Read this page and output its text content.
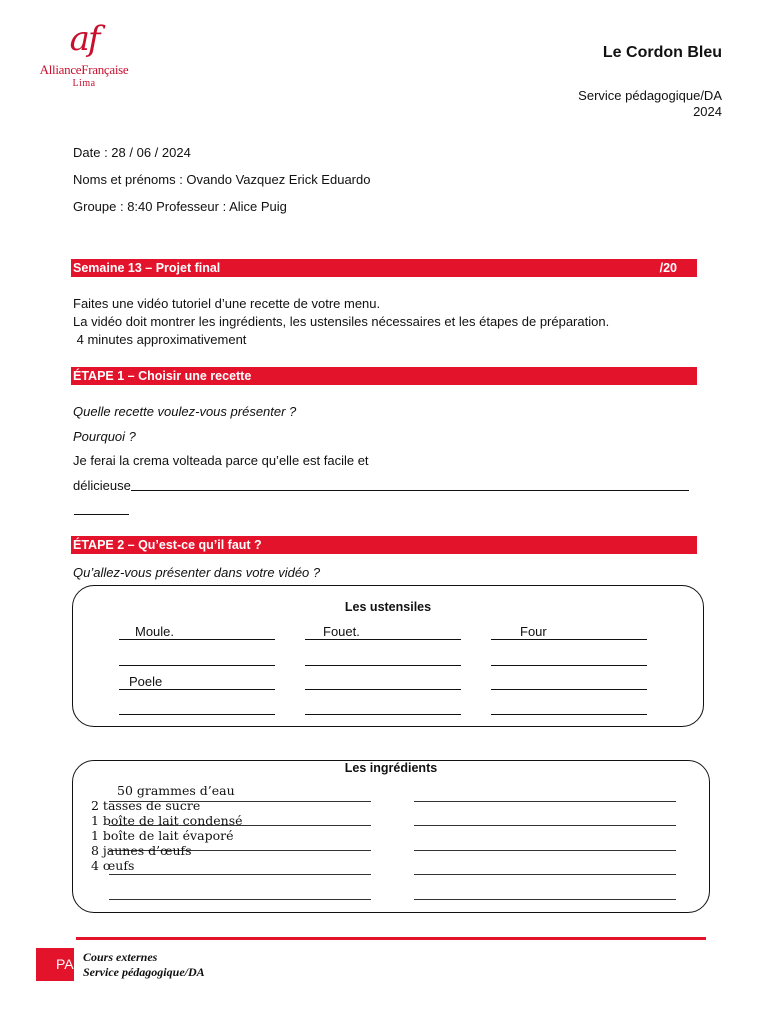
af
AllianceFrançaise
Lima
Le Cordon Bleu
Service pédagogique/DA
2024
Date : 28 / 06 / 2024
Noms et prénoms : Ovando Vazquez Erick Eduardo
Groupe : 8:40 Professeur : Alice Puig
Semaine 13 – Projet final	/20
Faites une vidéo tutoriel d’une recette de votre menu.
La vidéo doit montrer les ingrédients, les ustensiles nécessaires et les étapes de préparation.
4 minutes approximativement
ÉTAPE 1 – Choisir une recette
Quelle recette voulez-vous présenter ?
Pourquoi ?
Je ferai la crema volteada parce qu’elle est facile et
délicieuse
ÉTAPE 2 – Qu’est-ce qu’il faut ?
Qu’allez-vous présenter dans votre vidéo ?
Les ustensiles
Moule.	Fouet.	Four
Poele
Les ingrédients
50 grammes d’eau
2 tasses de sucre
1 boîte de lait condensé
1 boîte de lait évaporé
8 jaunes d’œufs
4 œufs
PA Cours externes
Service pédagogique/DA
